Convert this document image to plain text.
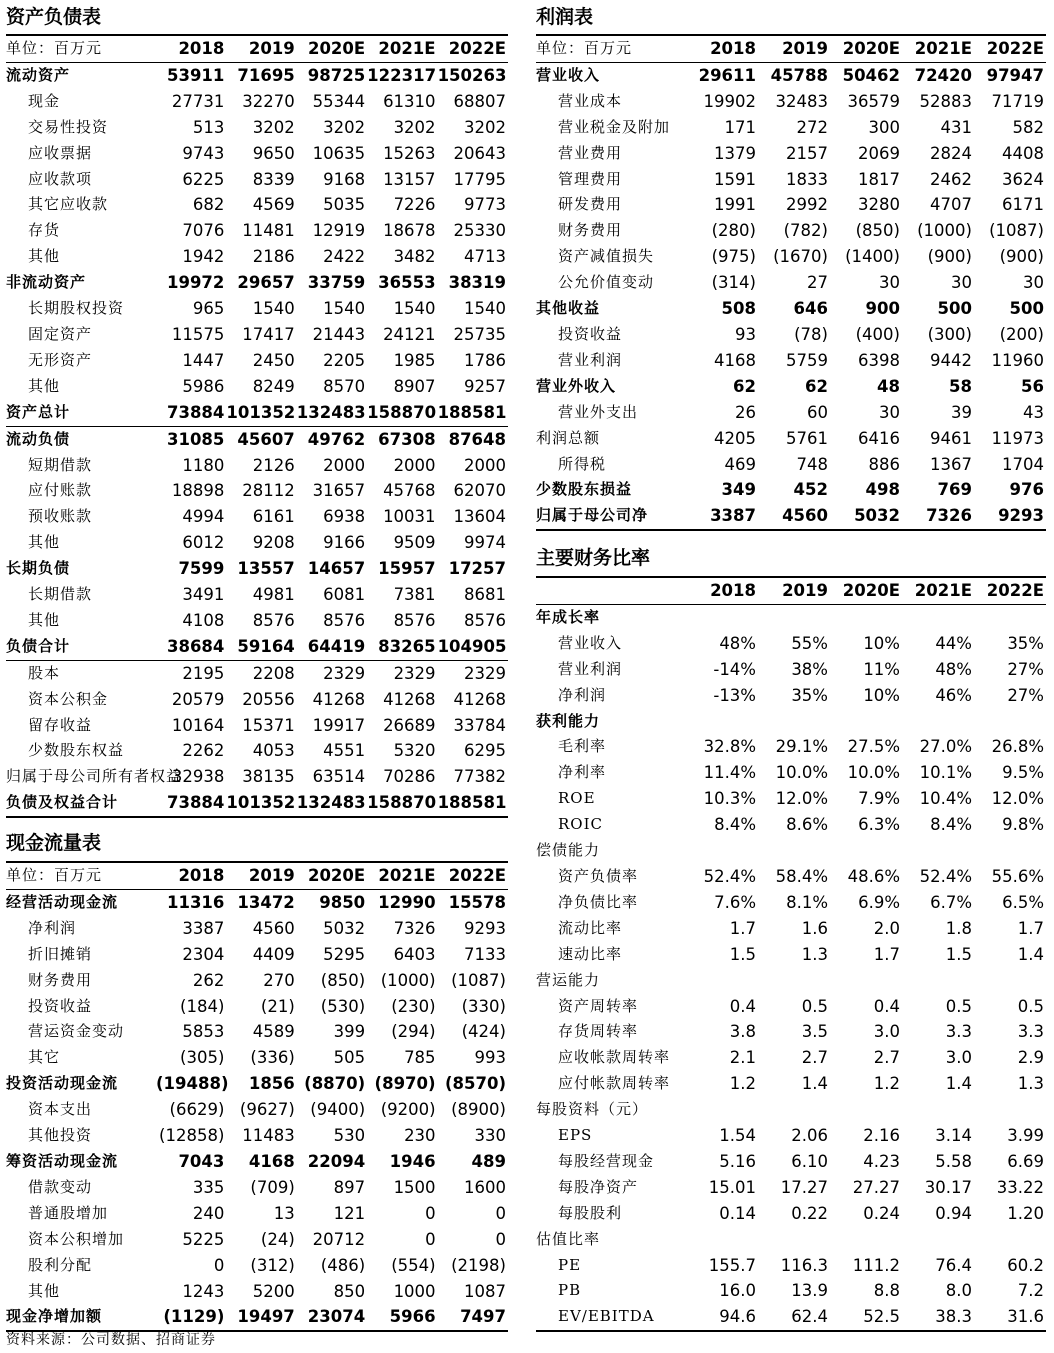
资产负债表
单位：百万元	2018	2019	2020E	2021E	2022E
流动资产	53911	71695	98725	122317	150263
现金	27731	32270	55344	61310	68807
交易性投资	513	3202	3202	3202	3202
应收票据	9743	9650	10635	15263	20643
应收款项	6225	8339	9168	13157	17795
其它应收款	682	4569	5035	7226	9773
存货	7076	11481	12919	18678	25330
其他	1942	2186	2422	3482	4713
非流动资产	19972	29657	33759	36553	38319
长期股权投资	965	1540	1540	1540	1540
固定资产	11575	17417	21443	24121	25735
无形资产	1447	2450	2205	1985	1786
其他	5986	8249	8570	8907	9257
资产总计	73884	101352	132483	158870	188581
流动负债	31085	45607	49762	67308	87648
短期借款	1180	2126	2000	2000	2000
应付账款	18898	28112	31657	45768	62070
预收账款	4994	6161	6938	10031	13604
其他	6012	9208	9166	9509	9974
长期负债	7599	13557	14657	15957	17257
长期借款	3491	4981	6081	7381	8681
其他	4108	8576	8576	8576	8576
负债合计	38684	59164	64419	83265	104905
股本	2195	2208	2329	2329	2329
资本公积金	20579	20556	41268	41268	41268
留存收益	10164	15371	19917	26689	33784
少数股东权益	2262	4053	4551	5320	6295
归属于母公司所有者权益	32938	38135	63514	70286	77382
负债及权益合计	73884	101352	132483	158870	188581
现金流量表
单位：百万元	2018	2019	2020E	2021E	2022E
经营活动现金流	11316	13472	9850	12990	15578
净利润	3387	4560	5032	7326	9293
折旧摊销	2304	4409	5295	6403	7133
财务费用	262	270	(850)	(1000)	(1087)
投资收益	(184)	(21)	(530)	(230)	(330)
营运资金变动	5853	4589	399	(294)	(424)
其它	(305)	(336)	505	785	993
投资活动现金流	(19488)	1856	(8870)	(8970)	(8570)
资本支出	(6629)	(9627)	(9400)	(9200)	(8900)
其他投资	(12858)	11483	530	230	330
筹资活动现金流	7043	4168	22094	1946	489
借款变动	335	(709)	897	1500	1600
普通股增加	240	13	121	0	0
资本公积增加	5225	(24)	20712	0	0
股利分配	0	(312)	(486)	(554)	(2198)
其他	1243	5200	850	1000	1087
现金净增加额	(1129)	19497	23074	5966	7497
利润表
单位：百万元	2018	2019	2020E	2021E	2022E
营业收入	29611	45788	50462	72420	97947
营业成本	19902	32483	36579	52883	71719
营业税金及附加	171	272	300	431	582
营业费用	1379	2157	2069	2824	4408
管理费用	1591	1833	1817	2462	3624
研发费用	1991	2992	3280	4707	6171
财务费用	(280)	(782)	(850)	(1000)	(1087)
资产减值损失	(975)	(1670)	(1400)	(900)	(900)
公允价值变动	(314)	27	30	30	30
其他收益	508	646	900	500	500
投资收益	93	(78)	(400)	(300)	(200)
营业利润	4168	5759	6398	9442	11960
营业外收入	62	62	48	58	56
营业外支出	26	60	30	39	43
利润总额	4205	5761	6416	9461	11973
所得税	469	748	886	1367	1704
少数股东损益	349	452	498	769	976
归属于母公司净	3387	4560	5032	7326	9293
主要财务比率
	2018	2019	2020E	2021E	2022E
年成长率					
营业收入	48%	55%	10%	44%	35%
营业利润	-14%	38%	11%	48%	27%
净利润	-13%	35%	10%	46%	27%
获利能力					
毛利率	32.8%	29.1%	27.5%	27.0%	26.8%
净利率	11.4%	10.0%	10.0%	10.1%	9.5%
ROE	10.3%	12.0%	7.9%	10.4%	12.0%
ROIC	8.4%	8.6%	6.3%	8.4%	9.8%
偿债能力					
资产负债率	52.4%	58.4%	48.6%	52.4%	55.6%
净负债比率	7.6%	8.1%	6.9%	6.7%	6.5%
流动比率	1.7	1.6	2.0	1.8	1.7
速动比率	1.5	1.3	1.7	1.5	1.4
营运能力					
资产周转率	0.4	0.5	0.4	0.5	0.5
存货周转率	3.8	3.5	3.0	3.3	3.3
应收帐款周转率	2.1	2.7	2.7	3.0	2.9
应付帐款周转率	1.2	1.4	1.2	1.4	1.3
每股资料（元）					
EPS	1.54	2.06	2.16	3.14	3.99
每股经营现金	5.16	6.10	4.23	5.58	6.69
每股净资产	15.01	17.27	27.27	30.17	33.22
每股股利	0.14	0.22	0.24	0.94	1.20
估值比率					
PE	155.7	116.3	111.2	76.4	60.2
PB	16.0	13.9	8.8	8.0	7.2
EV/EBITDA	94.6	62.4	52.5	38.3	31.6
资料来源：公司数据、招商证券
